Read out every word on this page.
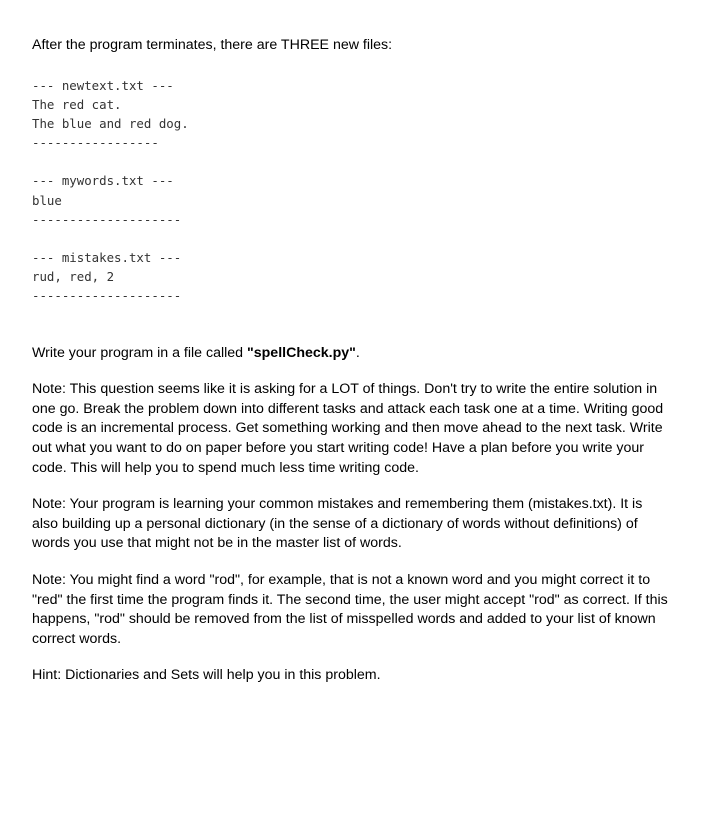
After the program terminates, there are THREE new files:

--- newtext.txt ---

The red cat.

The blue and red dog.

-----------------

--- mywords.txt ---

blue

--------------------

--- mistakes.txt ---

rud, red, 2

--------------------

Write your program in a file called "spellCheck.py".

Note: This question seems like it is asking for a LOT of things. Don't try to write the entire solution in one go. Break the problem down into different tasks and attack each task one at a time. Writing good code is an incremental process. Get something working and then move ahead to the next task. Write out what you want to do on paper before you start writing code! Have a plan before you write your code. This will help you to spend much less time writing code.

Note: Your program is learning your common mistakes and remembering them (mistakes.txt). It is also building up a personal dictionary (in the sense of a dictionary of words without definitions) of words you use that might not be in the master list of words.

Note: You might find a word "rod", for example, that is not a known word and you might correct it to "red" the first time the program finds it. The second time, the user might accept "rod" as correct. If this happens, "rod" should be removed from the list of misspelled words and added to your list of known correct words.

Hint: Dictionaries and Sets will help you in this problem.
